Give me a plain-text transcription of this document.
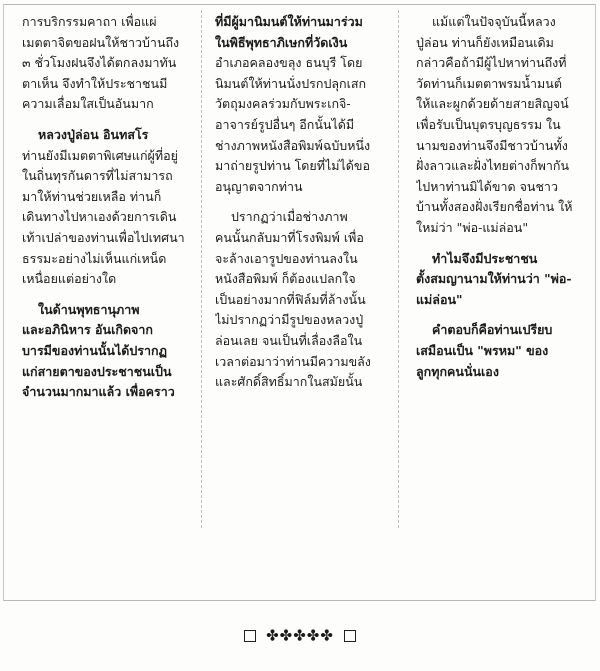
การบริกรรมคาถา เพื่อแผ่
เมตตาจิตขอฝนให้ชาวบ้านถึง
๓ ชั่วโมงฝนจึงได้ตกลงมาทัน
ตาเห็น จึงทำให้ประชาชนมี
ความเลื่อมใสเป็นอันมาก

หลวงปู่ล่อน อินทสโร
ท่านยังมีเมตตาพิเศษแก่ผู้ที่อยู่
ในถิ่นทุรกันดารที่ไม่สามารถ
มาให้ท่านช่วยเหลือ ท่านก็
เดินทางไปหาเองด้วยการเดิน
เท้าเปล่าของท่านเพื่อไปเทศนา
ธรรมะอย่างไม่เห็นแก่เหน็ด
เหนื่อยแต่อย่างใด

ในด้านพุทธานุภาพ
และอภินิหาร อันเกิดจาก
บารมีของท่านนั้นได้ปรากฏ
แก่สายตาของประชาชนเป็น
จำนวนมากมาแล้ว เพื่อคราว

ที่มีผู้มานิมนต์ให้ท่านมาร่วม
ในพิธีพุทธาภิเษกที่วัดเงิน
อำเภอคลองขลุง ธนบุรี โดย
นิมนต์ให้ท่านนั่งปรกปลุกเสก
วัตถุมงคลร่วมกับพระเกจิ-
อาจารย์รูปอื่นๆ อีกนั้นได้มี
ช่างภาพหนังสือพิมพ์ฉบับหนึ่ง
มาถ่ายรูปท่าน โดยที่ไม่ได้ขอ
อนุญาตจากท่าน

ปรากฏว่าเมื่อช่างภาพ
คนนั้นกลับมาที่โรงพิมพ์ เพื่อ
จะล้างเอารูปของท่านลงใน
หนังสือพิมพ์ ก็ต้องแปลกใจ
เป็นอย่างมากที่ฟิล์มที่ล้างนั้น
ไม่ปรากฏว่ามีรูปของหลวงปู่
ล่อนเลย จนเป็นที่เลื่องลือใน
เวลาต่อมาว่าท่านมีความขลัง
และศักดิ์สิทธิ์มากในสมัยนั้น

แม้แต่ในปัจจุบันนี้หลวง
ปู่ล่อน ท่านก็ยังเหมือนเดิม
กล่าวคือถ้ามีผู้ไปหาท่านถึงที่
วัดท่านก็เมตตาพรมน้ำมนต์
ให้และผูกด้วยด้ายสายสิญจน์
เพื่อรับเป็นบุตรบุญธรรม ใน
นามของท่านจึงมีชาวบ้านทั้ง
ฝั่งลาวและฝั่งไทยต่างก็พากัน
ไปหาท่านมิได้ขาด จนชาว
บ้านทั้งสองฝั่งเรียกชื่อท่าน ให้
ใหม่ว่า "พ่อ-แม่ล่อน"

ทำไมจึงมีประชาชน
ตั้งสมญานามให้ท่านว่า "พ่อ-
แม่ล่อน"

คำตอบก็คือท่านเปรียบ
เสมือนเป็น "พรหม" ของ
ลูกทุกคนนั่นเอง

✤✤✤✤✤
